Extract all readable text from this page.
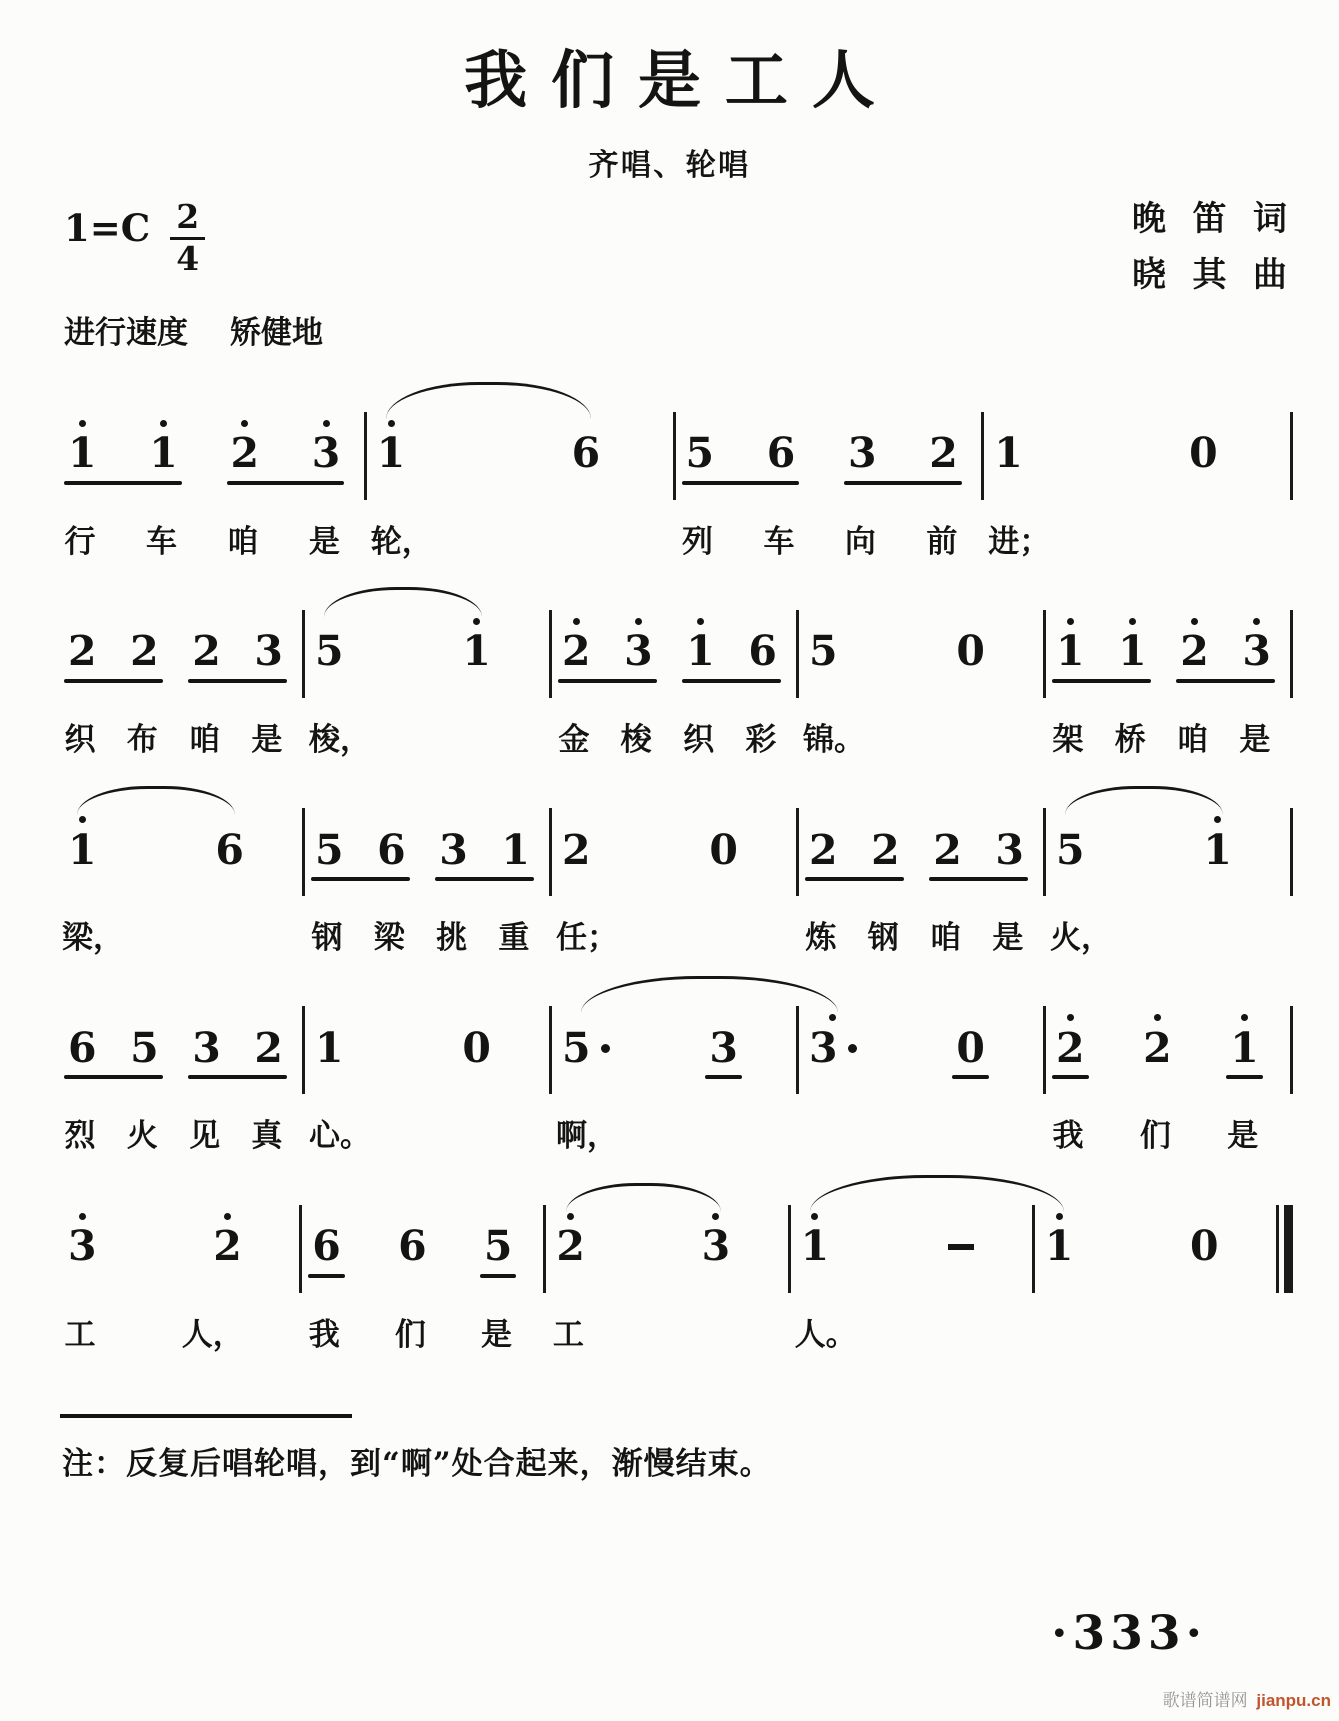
我们是工人
齐唱、轮唱
$1=C \frac{2}{4}$	晚笛词
晓其曲
进行速度 矫健地
1 1 2 3
行 车 咱 是
1	6
轮，
5 6 3 2
列 车 向 前
1	0
进；
2 2 2 3
织 布 咱 是
5	1
梭，
2 3 1 6
金 梭 织 彩
5	0
锦。
1 1 2 3
架 桥 咱 是
1	6
梁，
5 6 3 1
钢 梁 挑 重
2	0
任；
2 2 2 3
炼 钢 咱 是
5	1
火，
6 5 3 2
烈 火 见 真
1	0
心。
5	3
啊，
3	0 2 2 1
我 们 是
3	2
工	人，
6 6 5
我 们 是
2	3
工
1
人。
1	0
注：反复后唱轮唱，到“啊”处合起来，渐慢结束。
·333·
歌谱简谱网 jianpu.cn
